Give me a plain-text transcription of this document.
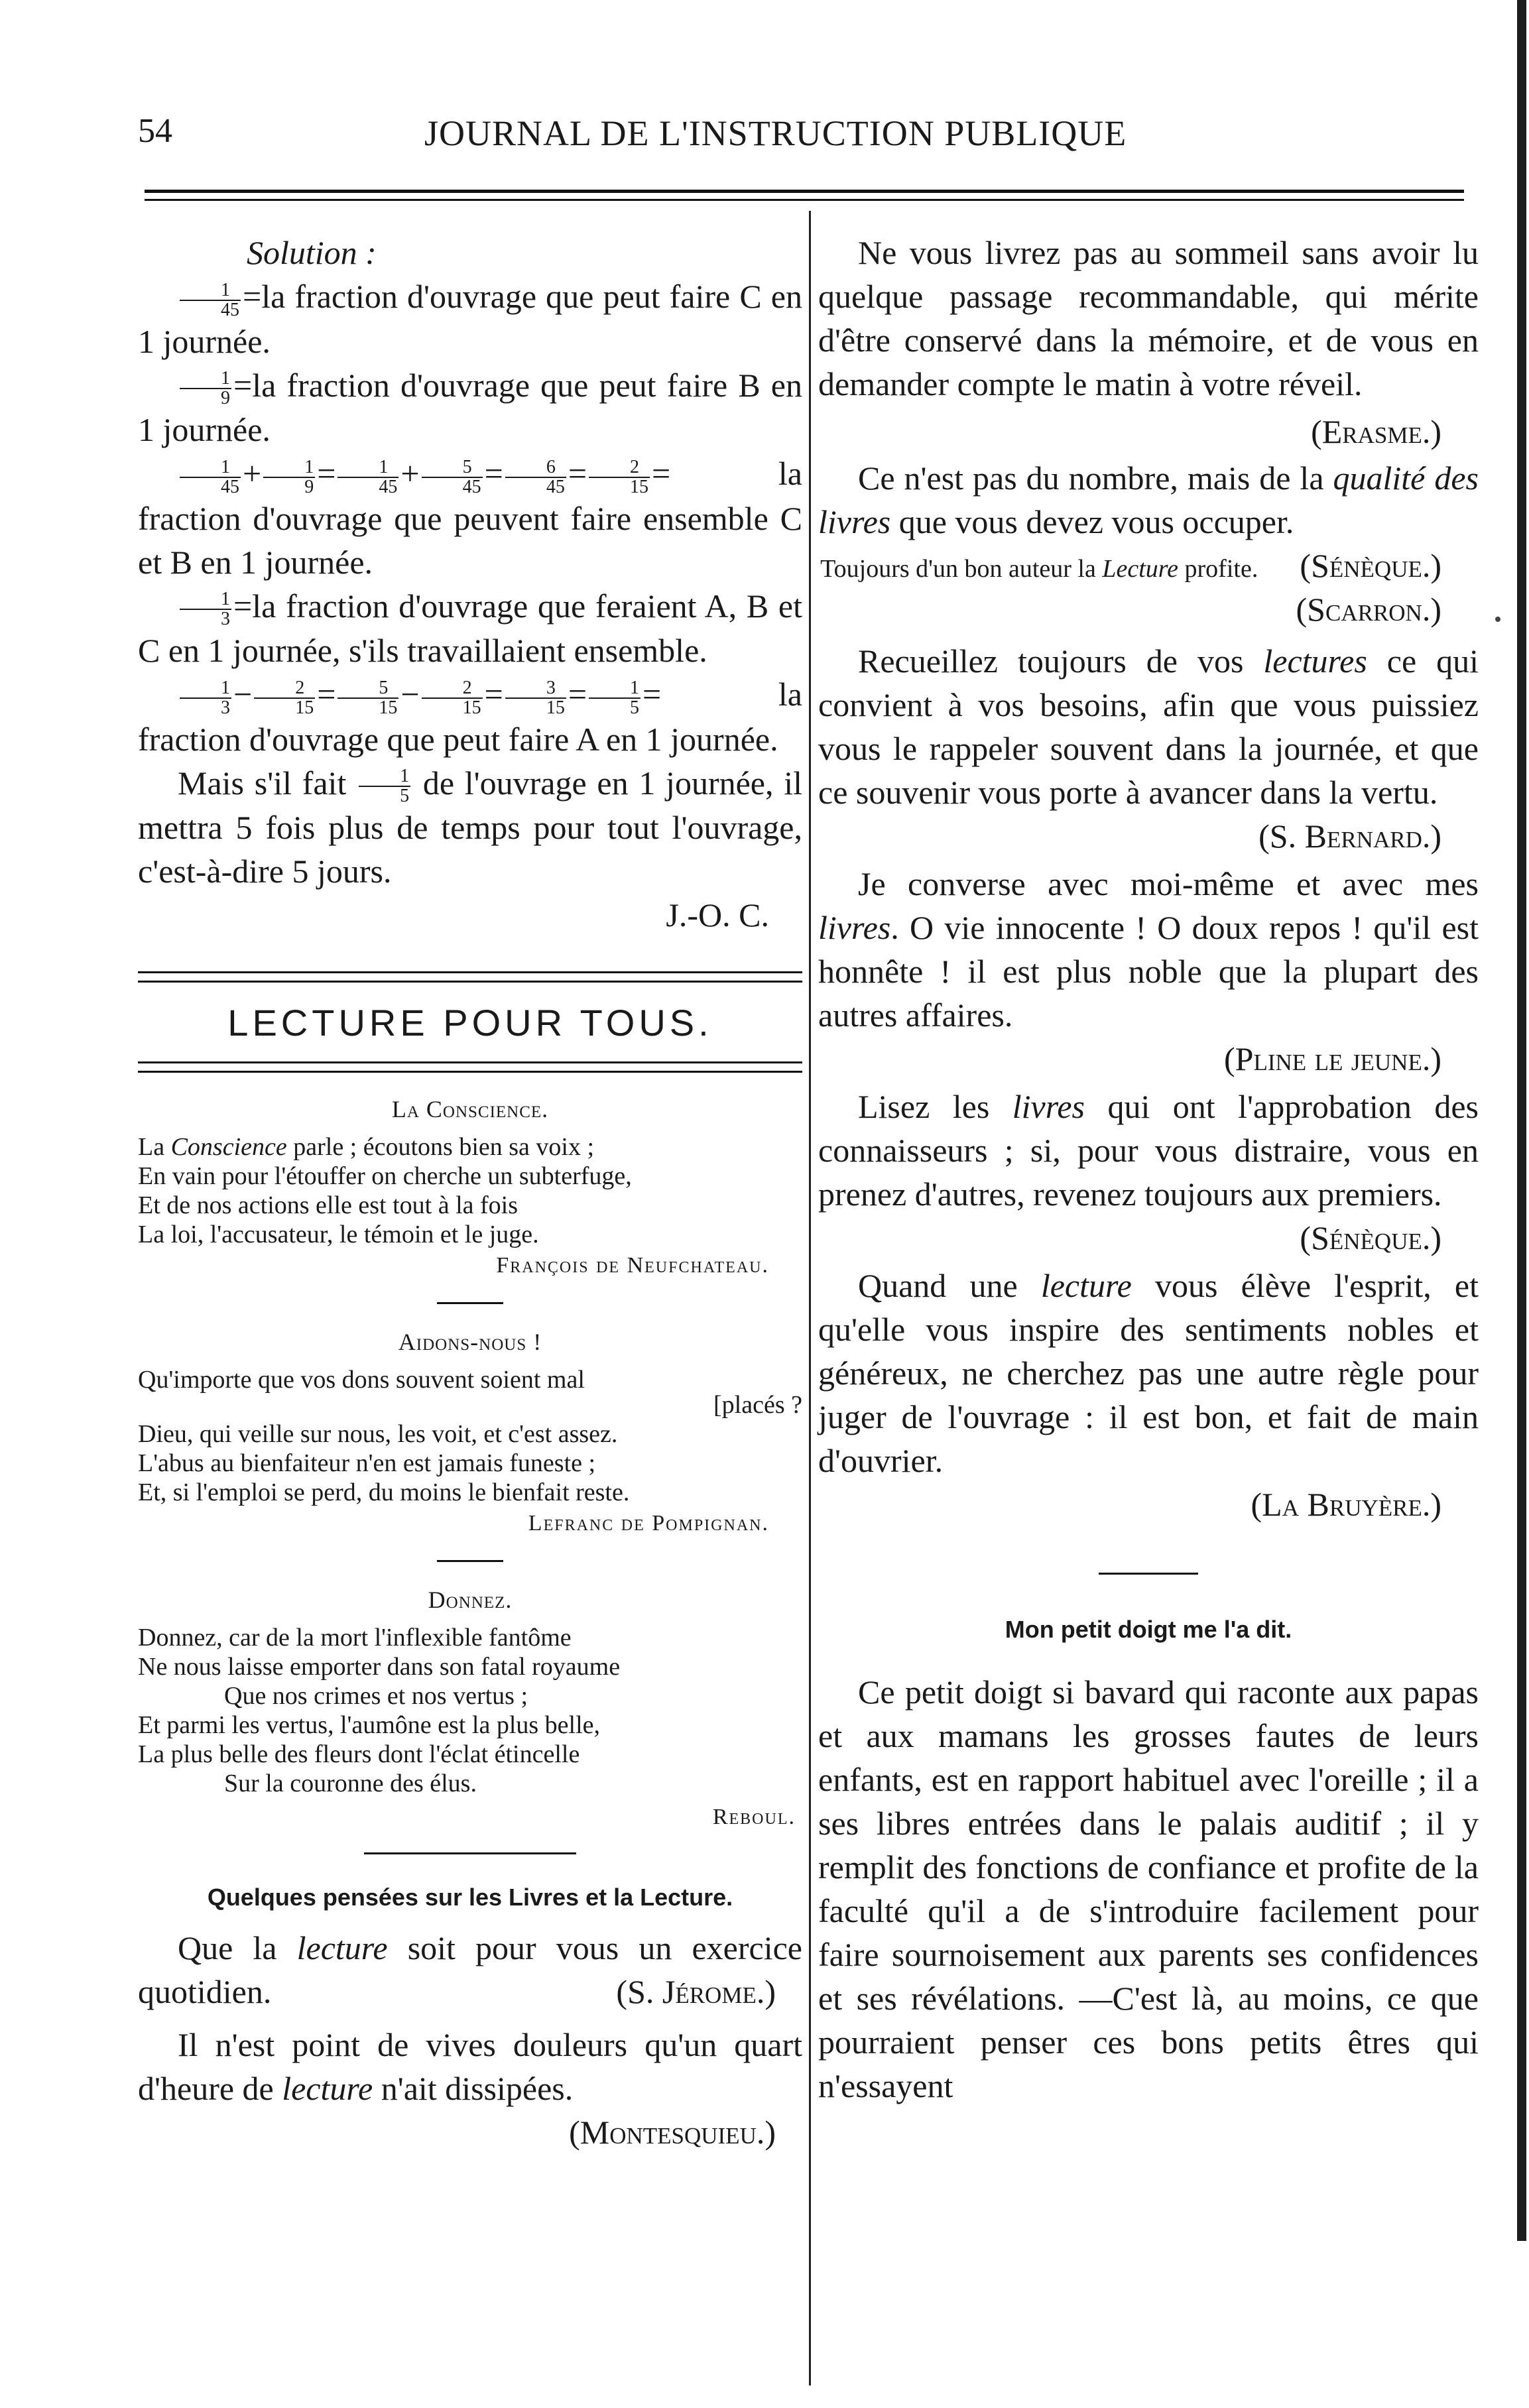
54	JOURNAL DE L'INSTRUCTION PUBLIQUE

Solution :

$\frac{1}{45} =la$ fraction d'ouvrage que peut faire C en 1 journée.

$\frac{1}{9} =la$ fraction d'ouvrage que peut faire B en 1 journée.

$\frac{1}{45} + \frac{1}{9} = \frac{1}{45} + \frac{5}{45} = \frac{6}{45} = \frac{2}{15}$ = la fraction d'ouvrage que peuvent faire ensemble C et B en 1 journée.

$\frac{1}{3} =la$ fraction d'ouvrage que feraient A, B et C en 1 journée, s'ils travaillaient ensemble.

$\frac{1}{3} - \frac{2}{15} = \frac{5}{15} - \frac{2}{15} = \frac{3}{15} = \frac{1}{5}$ = la fraction d'ouvrage que peut faire A en 1 journée.

Mais s'il fait $\frac{1}{5}$ de l'ouvrage en 1 journée, il mettra 5 fois plus de temps pour tout l'ouvrage, c'est-à-dire 5 jours.

J.-O. C.

LECTURE POUR TOUS.

La Conscience.

La Conscience parle ; écoutons bien sa voix ;

En vain pour l'étouffer on cherche un subterfuge,

Et de nos actions elle est tout à la fois

La loi, l'accusateur, le témoin et le juge.

François de Neufchateau.

Aidons-nous !

Qu'importe que vos dons souvent soient mal

[placés ?

Dieu, qui veille sur nous, les voit, et c'est assez.

L'abus au bienfaiteur n'en est jamais funeste ;

Et, si l'emploi se perd, du moins le bienfait reste.

Lefranc de Pompignan.

Donnez.

Donnez, car de la mort l'inflexible fantôme

Ne nous laisse emporter dans son fatal royaume

Que nos crimes et nos vertus ;

Et parmi les vertus, l'aumône est la plus belle,

La plus belle des fleurs dont l'éclat étincelle

Sur la couronne des élus.

Reboul.

Quelques pensées sur les Livres et la Lecture.

Que la lecture soit pour vous un exercice quotidien.	(S. Jérome.)

Il n'est point de vives douleurs qu'un quart d'heure de lecture n'ait dissipées.

(Montesquieu.)

Ne vous livrez pas au sommeil sans avoir lu quelque passage recommandable, qui mérite d'être conservé dans la mémoire, et de vous en demander compte le matin à votre réveil.

(Erasme.)

Ce n'est pas du nombre, mais de la qualité des livres que vous devez vous occuper.
(Sénèque.)

Toujours d'un bon auteur la Lecture profite.

(Scarron.)

Recueillez toujours de vos lectures ce qui convient à vos besoins, afin que vous puissiez vous le rappeler souvent dans la journée, et que ce souvenir vous porte à avancer dans la vertu.

(S. Bernard.)

Je converse avec moi-même et avec mes livres. O vie innocente ! O doux repos ! qu'il est honnête ! il est plus noble que la plupart des autres affaires.

(Pline le jeune.)

Lisez les livres qui ont l'approbation des connaisseurs ; si, pour vous distraire, vous en prenez d'autres, revenez toujours aux premiers.

(Sénèque.)

Quand une lecture vous élève l'esprit, et qu'elle vous inspire des sentiments nobles et généreux, ne cherchez pas une autre règle pour juger de l'ouvrage : il est bon, et fait de main d'ouvrier.

(La Bruyère.)

Mon petit doigt me l'a dit.

Ce petit doigt si bavard qui raconte aux papas et aux mamans les grosses fautes de leurs enfants, est en rapport habituel avec l'oreille ; il a ses libres entrées dans le palais auditif ; il y remplit des fonctions de confiance et profite de la faculté qu'il a de s'introduire facilement pour faire sournoisement aux parents ses confidences et ses révélations. —C'est là, au moins, ce que pourraient penser ces bons petits êtres qui n'essayent
